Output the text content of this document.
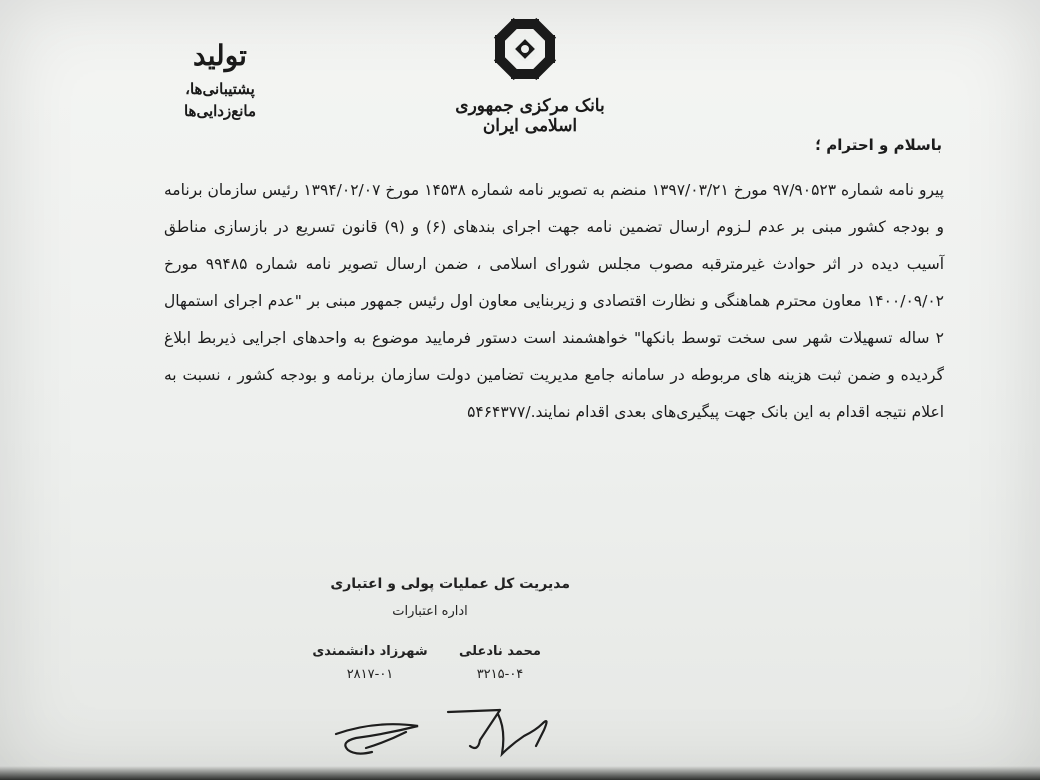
بانک مرکزی جمهوری اسلامی ایران
تولید
پشتیبانی‌ها، مانع‌زدایی‌ها
باسلام و احترام ؛

پیرو نامه شماره ۹۷/۹۰۵۲۳ مورخ ۱۳۹۷/۰۳/۲۱ منضم به تصویر نامه شماره ۱۴۵۳۸ مورخ ۱۳۹۴/۰۲/۰۷ رئیس سازمان برنامه و بودجه کشور مبنی بر عدم لـزوم ارسال تضمین نامه جهت اجرای بندهای (۶) و (۹) قانون تسریع در بازسازی مناطق آسیب دیده در اثر حوادث غیرمترقبه مصوب مجلس شورای اسلامی ، ضمن ارسال تصویر نامه شماره ۹۹۴۸۵ مورخ ۱۴۰۰/۰۹/۰۲ معاون محترم هماهنگی و نظارت اقتصادی و زیربنایی معاون اول رئیس جمهور مبنی بر "عدم اجرای استمهال ۲ ساله تسهیلات شهر سی سخت توسط بانکها" خواهشمند است دستور فرمایید موضوع به واحدهای اجرایی ذیربط ابلاغ گردیده و ضمن ثبت هزینه های مربوطه در سامانه جامع مدیریت تضامین دولت سازمان برنامه و بودجه کشور ، نسبت به اعلام نتیجه اقدام به این بانک جهت پیگیری‌های بعدی اقدام نمایند./۵۴۶۴۳۷۷

مدیریت کل عملیات پولی و اعتباری
اداره اعتبارات
محمد نادعلی
۳۲۱۵-۰۴
شهرزاد دانشمندی
۲۸۱۷-۰۱
